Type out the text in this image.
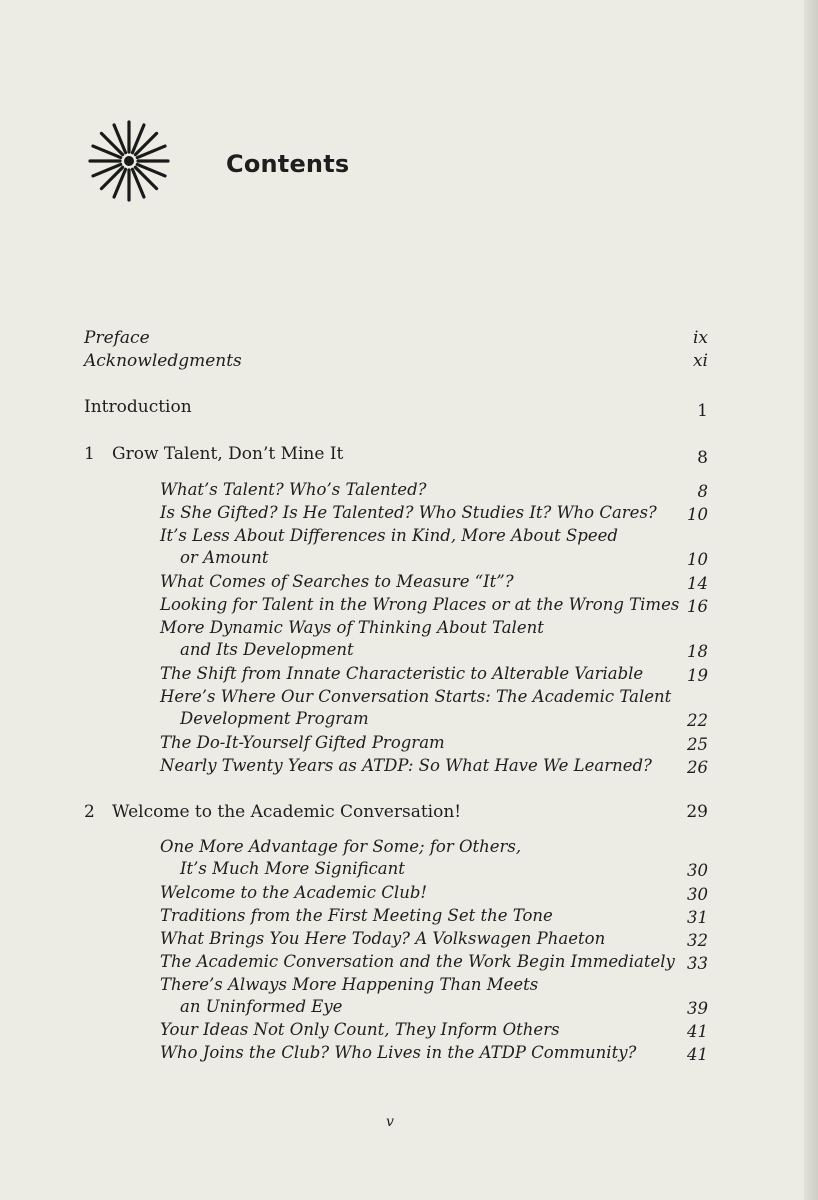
Contents
Preface	ix
Acknowledgments	xi
Introduction	1
1 Grow Talent, Don’t Mine It	8
What’s Talent? Who’s Talented?	8
Is She Gifted? Is He Talented? Who Studies It? Who Cares? 10
It’s Less About Differences in Kind, More About Speed
or Amount	10
What Comes of Searches to Measure “It”?	14
Looking for Talent in the Wrong Places or at the Wrong Times 16
More Dynamic Ways of Thinking About Talent
and Its Development	18
The Shift from Innate Characteristic to Alterable Variable	19
Here’s Where Our Conversation Starts: The Academic Talent
Development Program	22
The Do-It-Yourself Gifted Program	25
Nearly Twenty Years as ATDP: So What Have We Learned? 26
2 Welcome to the Academic Conversation!	29
One More Advantage for Some; for Others,
It’s Much More Significant	30
Welcome to the Academic Club!	30
Traditions from the First Meeting Set the Tone	31
What Brings You Here Today? A Volkswagen Phaeton	32
The Academic Conversation and the Work Begin Immediately 33
There’s Always More Happening Than Meets
an Uninformed Eye	39
Your Ideas Not Only Count, They Inform Others	41
Who Joins the Club? Who Lives in the ATDP Community?	41
v
